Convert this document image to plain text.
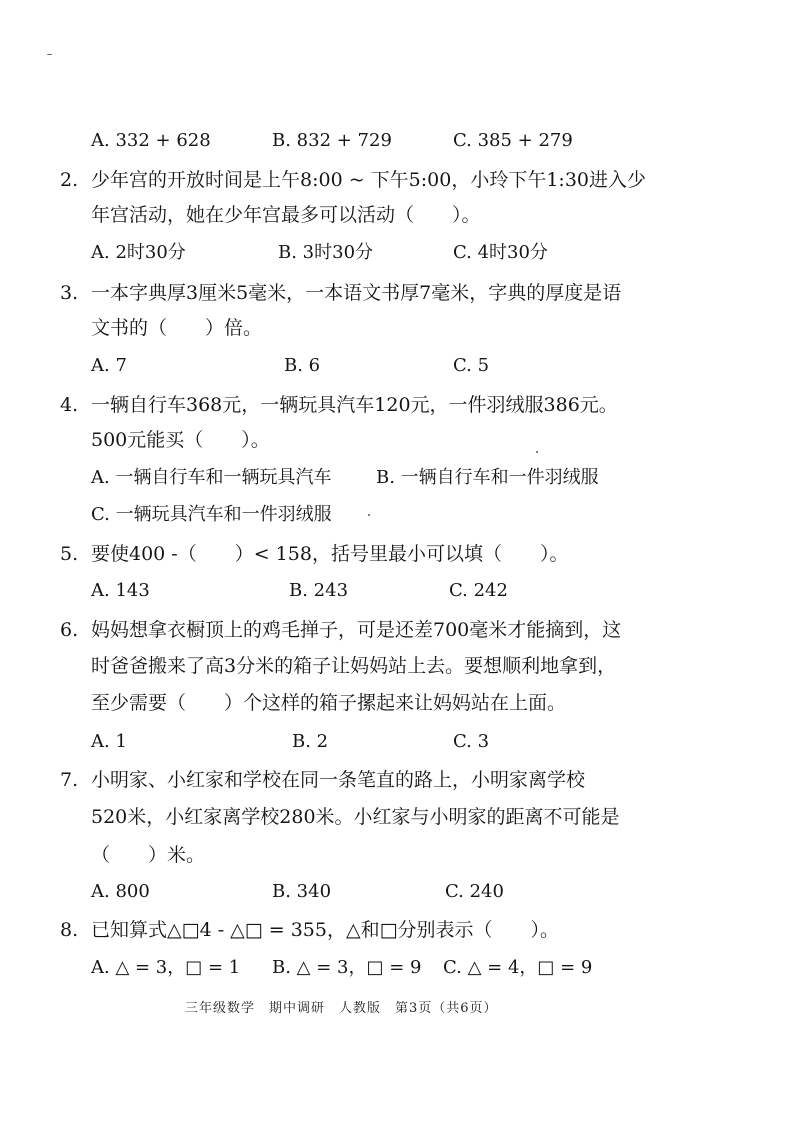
A. 332 + 628	B. 832 + 729	C. 385 + 279
2. 少年宫的开放时间是上午8:00 ~ 下午5:00，小玲下午1:30进入少
年宫活动，她在少年宫最多可以活动（　　）。
A. 2时30分	B. 3时30分	C. 4时30分
3. 一本字典厚3厘米5毫米，一本语文书厚7毫米，字典的厚度是语
文书的（　　）倍。
A. 7	B. 6	C. 5
4. 一辆自行车368元，一辆玩具汽车120元，一件羽绒服386元。
500元能买（　　）。
A. 一辆自行车和一辆玩具汽车 B. 一辆自行车和一件羽绒服
C. 一辆玩具汽车和一件羽绒服
5. 要使400 -（　　）< 158，括号里最小可以填（　　）。
A. 143	B. 243	C. 242
6. 妈妈想拿衣橱顶上的鸡毛掸子，可是还差700毫米才能摘到，这
时爸爸搬来了高3分米的箱子让妈妈站上去。要想顺利地拿到，
至少需要（　　）个这样的箱子摞起来让妈妈站在上面。
A. 1	B. 2	C. 3
7. 小明家、小红家和学校在同一条笔直的路上，小明家离学校
520米，小红家离学校280米。小红家与小明家的距离不可能是
（　　）米。
A. 800	B. 340	C. 240
8. 已知算式△□4 - △□ = 355，△和□分别表示（　　）。
A. △ = 3，□ = 1 B. △ = 3，□ = 9 C. △ = 4，□ = 9
三年级数学　期中调研　人教版　第3页（共6页）
